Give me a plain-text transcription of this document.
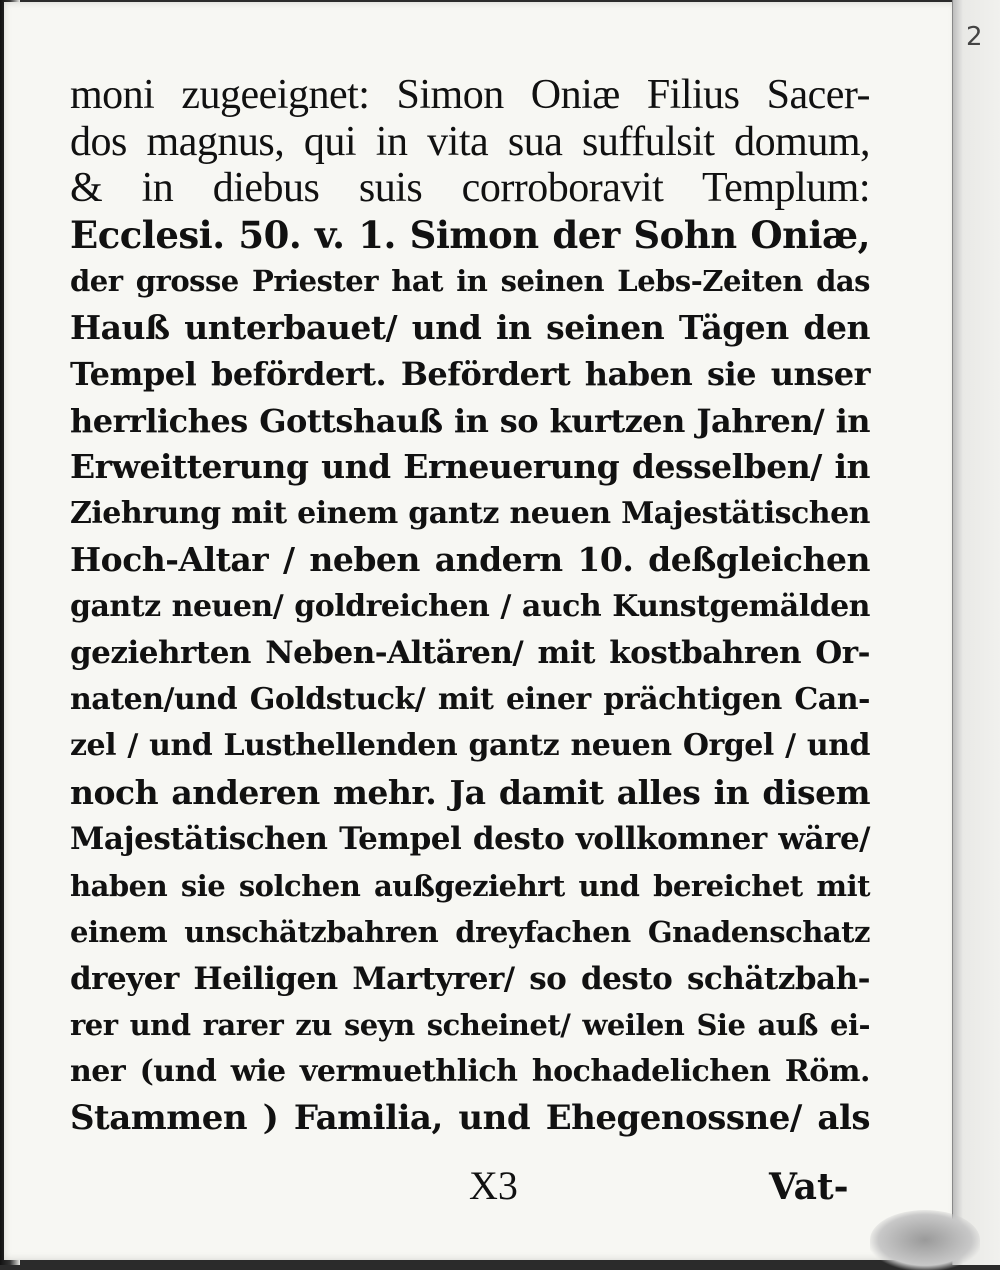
moni zugeeignet: Simon Oniæ Filius Sacer-
dos magnus, qui in vita sua suffulsit domum,
& in diebus suis corroboravit Templum:
Ecclesi. 50. v. 1. Simon der Sohn Oniæ,
der grosse Priester hat in seinen Lebs-Zeiten das
Hauß unterbauet/ und in seinen Tägen den
Tempel befördert. Befördert haben sie unser
herrliches Gottshauß in so kurtzen Jahren/ in
Erweitterung und Erneuerung desselben/ in
Ziehrung mit einem gantz neuen Majestätischen
Hoch-Altar / neben andern 10. deßgleichen
gantz neuen/ goldreichen / auch Kunstgemälden
geziehrten Neben-Altären/ mit kostbahren Or-
naten/und Goldstuck/ mit einer prächtigen Can-
zel / und Lusthellenden gantz neuen Orgel / und
noch anderen mehr. Ja damit alles in disem
Majestätischen Tempel desto vollkomner wäre/
haben sie solchen außgeziehrt und bereichet mit
einem unschätzbahren dreyfachen Gnadenschatz
dreyer Heiligen Martyrer/ so desto schätzbah-
rer und rarer zu seyn scheinet/ weilen Sie auß ei-
ner (und wie vermuethlich hochadelichen Röm.
Stammen ) Familia, und Ehegenossne/ als
X3	Vat-
2
